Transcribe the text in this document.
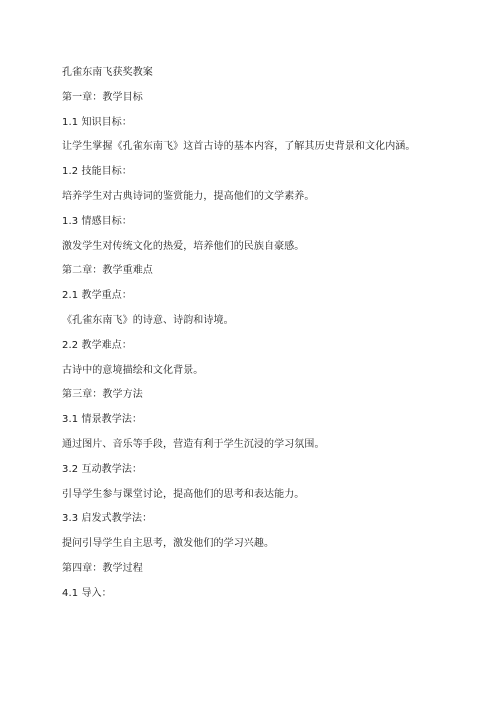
孔雀东南飞获奖教案
第一章：教学目标
1.1 知识目标：
让学生掌握《孔雀东南飞》这首古诗的基本内容，了解其历史背景和文化内涵。
1.2 技能目标：
培养学生对古典诗词的鉴赏能力，提高他们的文学素养。
1.3 情感目标：
激发学生对传统文化的热爱，培养他们的民族自豪感。
第二章：教学重难点
2.1 教学重点：
《孔雀东南飞》的诗意、诗韵和诗境。
2.2 教学难点：
古诗中的意境描绘和文化背景。
第三章：教学方法
3.1 情景教学法：
通过图片、音乐等手段，营造有利于学生沉浸的学习氛围。
3.2 互动教学法：
引导学生参与课堂讨论，提高他们的思考和表达能力。
3.3 启发式教学法：
提问引导学生自主思考，激发他们的学习兴趣。
第四章：教学过程
4.1 导入：
